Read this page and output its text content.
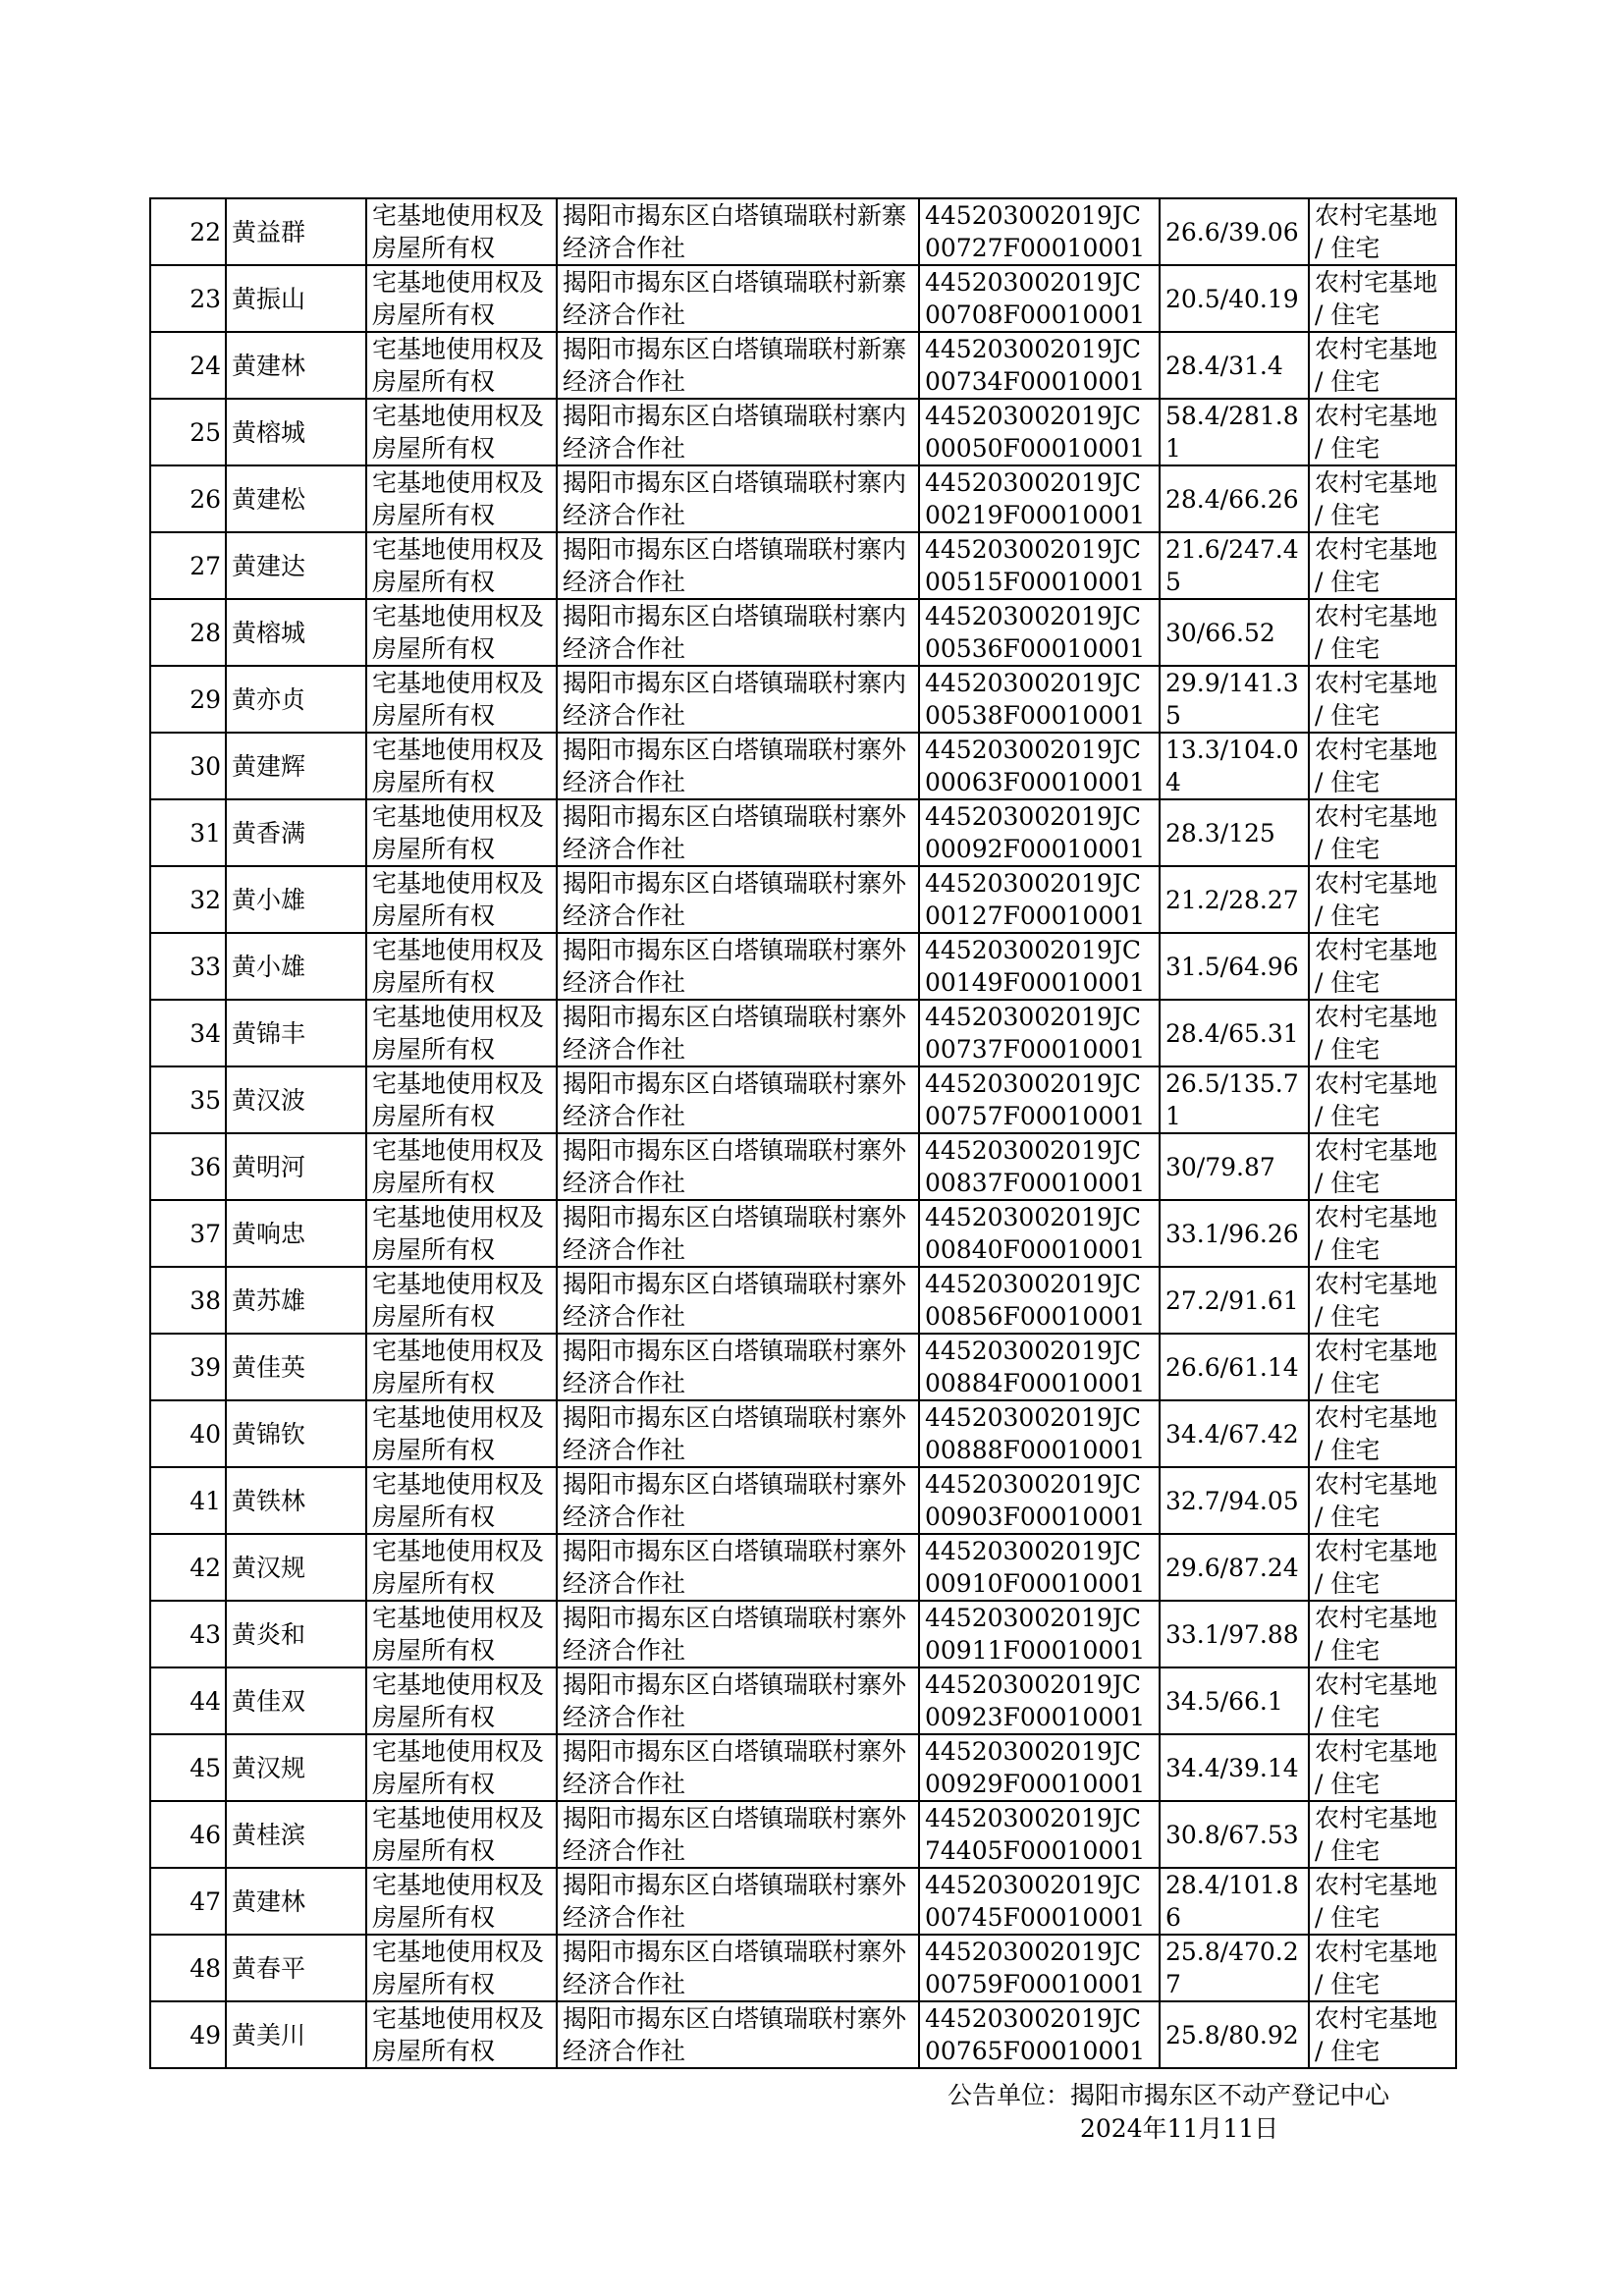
22	黄益群	宅基地使用权及房屋所有权	揭阳市揭东区白塔镇瑞联村新寨经济合作社	445203002019JC00727F00010001	26.6/39.06	农村宅基地 / 住宅
23	黄振山	宅基地使用权及房屋所有权	揭阳市揭东区白塔镇瑞联村新寨经济合作社	445203002019JC00708F00010001	20.5/40.19	农村宅基地 / 住宅
24	黄建林	宅基地使用权及房屋所有权	揭阳市揭东区白塔镇瑞联村新寨经济合作社	445203002019JC00734F00010001	28.4/31.4	农村宅基地 / 住宅
25	黄榕城	宅基地使用权及房屋所有权	揭阳市揭东区白塔镇瑞联村寨内经济合作社	445203002019JC00050F00010001	58.4/281.81	农村宅基地 / 住宅
26	黄建松	宅基地使用权及房屋所有权	揭阳市揭东区白塔镇瑞联村寨内经济合作社	445203002019JC00219F00010001	28.4/66.26	农村宅基地 / 住宅
27	黄建达	宅基地使用权及房屋所有权	揭阳市揭东区白塔镇瑞联村寨内经济合作社	445203002019JC00515F00010001	21.6/247.45	农村宅基地 / 住宅
28	黄榕城	宅基地使用权及房屋所有权	揭阳市揭东区白塔镇瑞联村寨内经济合作社	445203002019JC00536F00010001	30/66.52	农村宅基地 / 住宅
29	黄亦贞	宅基地使用权及房屋所有权	揭阳市揭东区白塔镇瑞联村寨内经济合作社	445203002019JC00538F00010001	29.9/141.35	农村宅基地 / 住宅
30	黄建辉	宅基地使用权及房屋所有权	揭阳市揭东区白塔镇瑞联村寨外经济合作社	445203002019JC00063F00010001	13.3/104.04	农村宅基地 / 住宅
31	黄香满	宅基地使用权及房屋所有权	揭阳市揭东区白塔镇瑞联村寨外经济合作社	445203002019JC00092F00010001	28.3/125	农村宅基地 / 住宅
32	黄小雄	宅基地使用权及房屋所有权	揭阳市揭东区白塔镇瑞联村寨外经济合作社	445203002019JC00127F00010001	21.2/28.27	农村宅基地 / 住宅
33	黄小雄	宅基地使用权及房屋所有权	揭阳市揭东区白塔镇瑞联村寨外经济合作社	445203002019JC00149F00010001	31.5/64.96	农村宅基地 / 住宅
34	黄锦丰	宅基地使用权及房屋所有权	揭阳市揭东区白塔镇瑞联村寨外经济合作社	445203002019JC00737F00010001	28.4/65.31	农村宅基地 / 住宅
35	黄汉波	宅基地使用权及房屋所有权	揭阳市揭东区白塔镇瑞联村寨外经济合作社	445203002019JC00757F00010001	26.5/135.71	农村宅基地 / 住宅
36	黄明河	宅基地使用权及房屋所有权	揭阳市揭东区白塔镇瑞联村寨外经济合作社	445203002019JC00837F00010001	30/79.87	农村宅基地 / 住宅
37	黄响忠	宅基地使用权及房屋所有权	揭阳市揭东区白塔镇瑞联村寨外经济合作社	445203002019JC00840F00010001	33.1/96.26	农村宅基地 / 住宅
38	黄苏雄	宅基地使用权及房屋所有权	揭阳市揭东区白塔镇瑞联村寨外经济合作社	445203002019JC00856F00010001	27.2/91.61	农村宅基地 / 住宅
39	黄佳英	宅基地使用权及房屋所有权	揭阳市揭东区白塔镇瑞联村寨外经济合作社	445203002019JC00884F00010001	26.6/61.14	农村宅基地 / 住宅
40	黄锦钦	宅基地使用权及房屋所有权	揭阳市揭东区白塔镇瑞联村寨外经济合作社	445203002019JC00888F00010001	34.4/67.42	农村宅基地 / 住宅
41	黄铁林	宅基地使用权及房屋所有权	揭阳市揭东区白塔镇瑞联村寨外经济合作社	445203002019JC00903F00010001	32.7/94.05	农村宅基地 / 住宅
42	黄汉规	宅基地使用权及房屋所有权	揭阳市揭东区白塔镇瑞联村寨外经济合作社	445203002019JC00910F00010001	29.6/87.24	农村宅基地 / 住宅
43	黄炎和	宅基地使用权及房屋所有权	揭阳市揭东区白塔镇瑞联村寨外经济合作社	445203002019JC00911F00010001	33.1/97.88	农村宅基地 / 住宅
44	黄佳双	宅基地使用权及房屋所有权	揭阳市揭东区白塔镇瑞联村寨外经济合作社	445203002019JC00923F00010001	34.5/66.1	农村宅基地 / 住宅
45	黄汉规	宅基地使用权及房屋所有权	揭阳市揭东区白塔镇瑞联村寨外经济合作社	445203002019JC00929F00010001	34.4/39.14	农村宅基地 / 住宅
46	黄桂滨	宅基地使用权及房屋所有权	揭阳市揭东区白塔镇瑞联村寨外经济合作社	445203002019JC74405F00010001	30.8/67.53	农村宅基地 / 住宅
47	黄建林	宅基地使用权及房屋所有权	揭阳市揭东区白塔镇瑞联村寨外经济合作社	445203002019JC00745F00010001	28.4/101.86	农村宅基地 / 住宅
48	黄春平	宅基地使用权及房屋所有权	揭阳市揭东区白塔镇瑞联村寨外经济合作社	445203002019JC00759F00010001	25.8/470.27	农村宅基地 / 住宅
49	黄美川	宅基地使用权及房屋所有权	揭阳市揭东区白塔镇瑞联村寨外经济合作社	445203002019JC00765F00010001	25.8/80.92	农村宅基地 / 住宅
公告单位：揭阳市揭东区不动产登记中心
2024年11月11日
